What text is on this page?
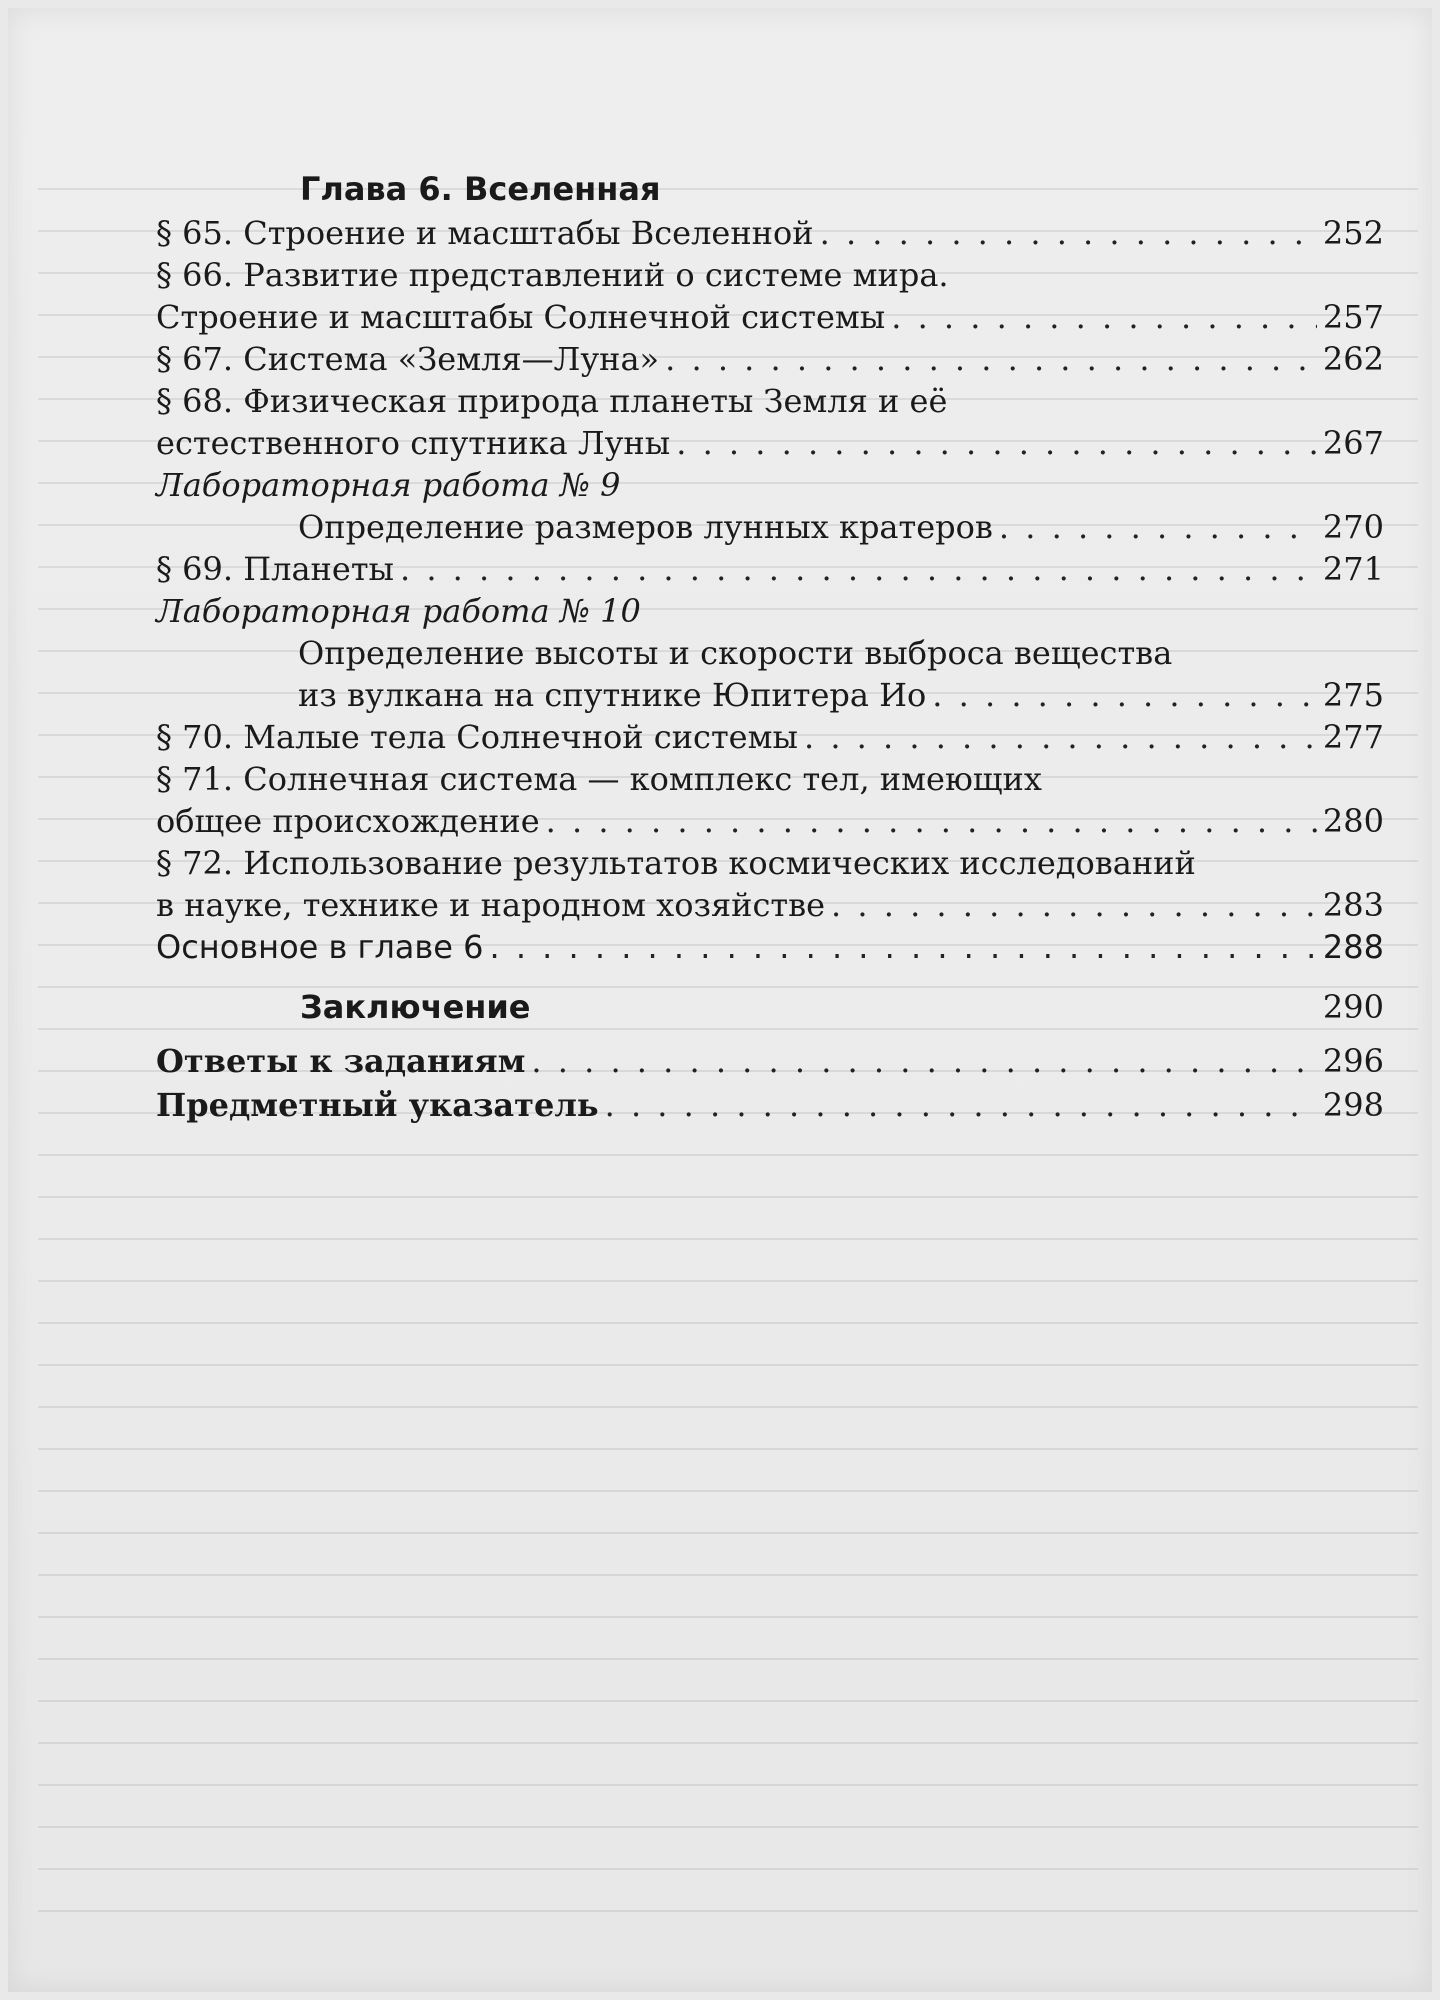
Глава 6. Вселенная
§ 65. Строение и масштабы Вселенной . . .	252
§ 66. Развитие представлений о системе мира.
Строение и масштабы Солнечной системы . . .	257
§ 67. Система «Земля—Луна» . . .	262
§ 68. Физическая природа планеты Земля и её
естественного спутника Луны . . .	267
Лабораторная работа № 9
Определение размеров лунных кратеров . . .	270
§ 69. Планеты . . .	271
Лабораторная работа № 10
Определение высоты и скорости выброса вещества
из вулкана на спутнике Юпитера Ио . . .	275
§ 70. Малые тела Солнечной системы . . .	277
§ 71. Солнечная система — комплекс тел, имеющих
общее происхождение . . .	280
§ 72. Использование результатов космических исследований
в науке, технике и народном хозяйстве . . .	283
Основное в главе 6 . . .	288
Заключение	290
Ответы к заданиям . . .	296
Предметный указатель . . .	298
